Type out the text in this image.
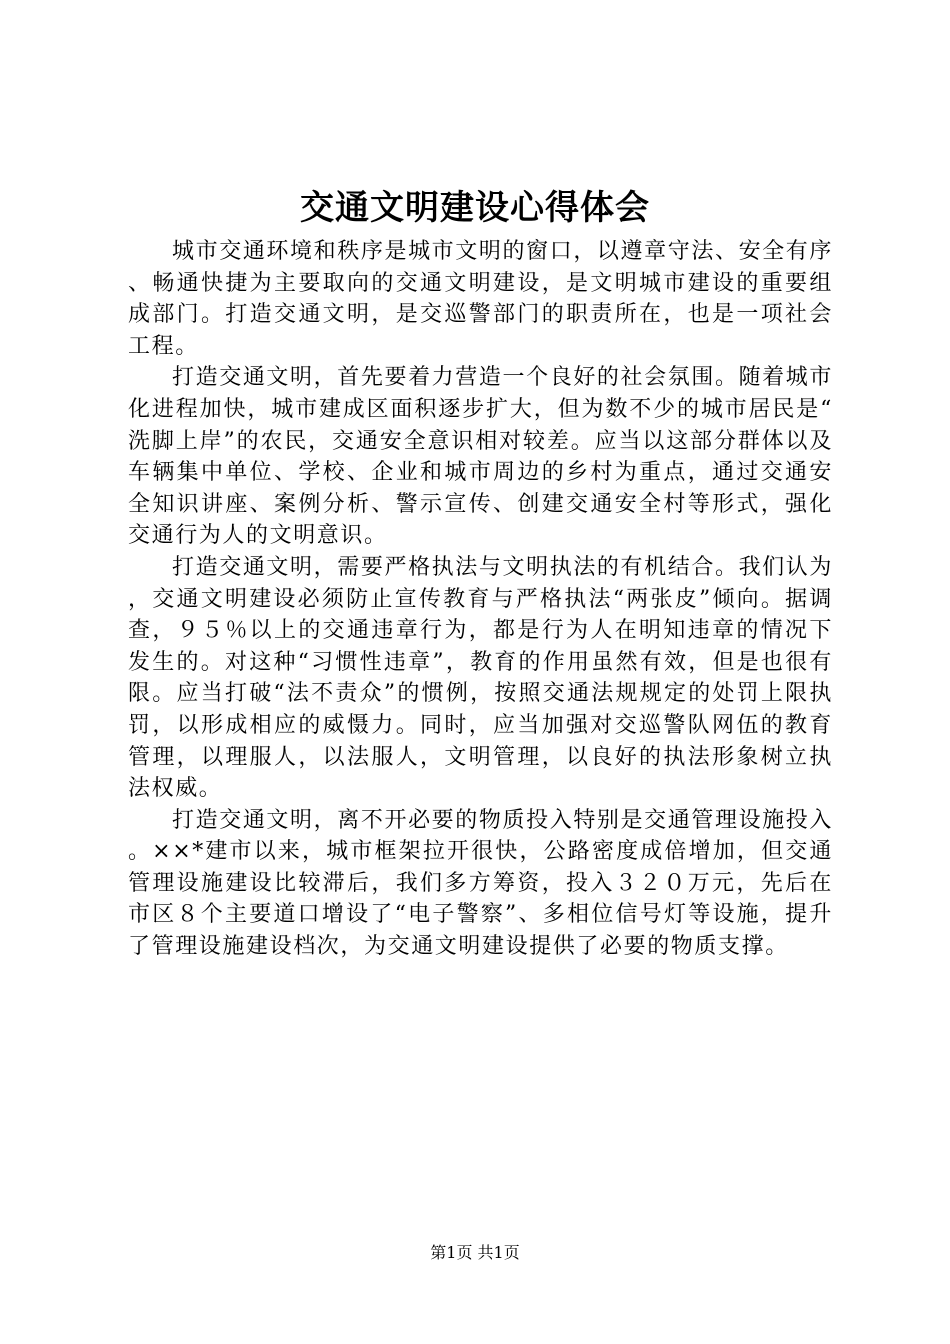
交通文明建设心得体会

城市交通环境和秩序是城市文明的窗口，以遵章守法、安全有序、畅通快捷为主要取向的交通文明建设，是文明城市建设的重要组成部门。打造交通文明，是交巡警部门的职责所在，也是一项社会工程。

打造交通文明，首先要着力营造一个良好的社会氛围。随着城市化进程加快，城市建成区面积逐步扩大，但为数不少的城市居民是“洗脚上岸”的农民，交通安全意识相对较差。应当以这部分群体以及车辆集中单位、学校、企业和城市周边的乡村为重点，通过交通安全知识讲座、案例分析、警示宣传、创建交通安全村等形式，强化交通行为人的文明意识。

打造交通文明，需要严格执法与文明执法的有机结合。我们认为，交通文明建设必须防止宣传教育与严格执法“两张皮”倾向。据调查，９５％以上的交通违章行为，都是行为人在明知违章的情况下发生的。对这种“习惯性违章”，教育的作用虽然有效，但是也很有限。应当打破“法不责众”的惯例，按照交通法规规定的处罚上限执罚，以形成相应的威慑力。同时，应当加强对交巡警队网伍的教育管理，以理服人，以法服人，文明管理，以良好的执法形象树立执法权威。

打造交通文明，离不开必要的物质投入特别是交通管理设施投入。××*建市以来，城市框架拉开很快，公路密度成倍增加，但交通管理设施建设比较滞后，我们多方筹资，投入３２０万元，先后在市区８个主要道口增设了“电子警察”、多相位信号灯等设施，提升了管理设施建设档次，为交通文明建设提供了必要的物质支撑。

第1页 共1页
